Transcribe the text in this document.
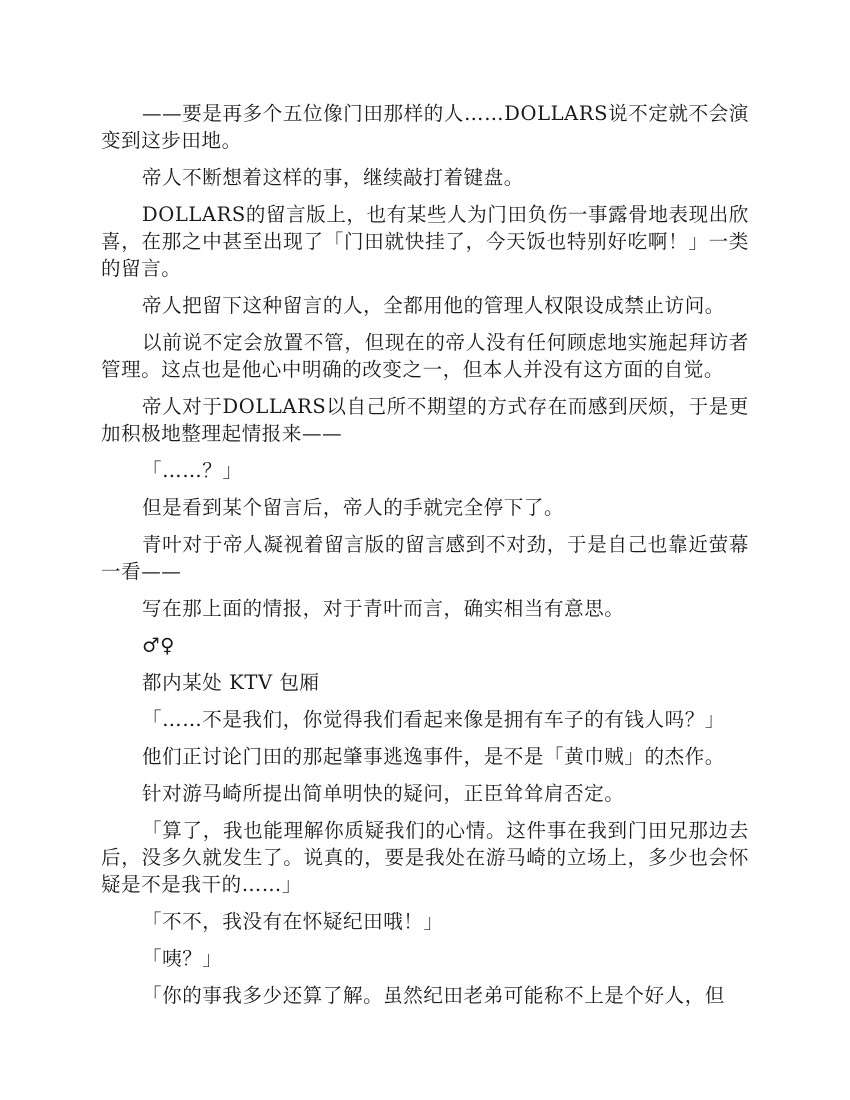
——要是再多个五位像门田那样的人……DOLLARS说不定就不会演变到这步田地。

帝人不断想着这样的事，继续敲打着键盘。

DOLLARS的留言版上，也有某些人为门田负伤一事露骨地表现出欣喜，在那之中甚至出现了「门田就快挂了，今天饭也特别好吃啊！」一类的留言。

帝人把留下这种留言的人，全都用他的管理人权限设成禁止访问。

以前说不定会放置不管，但现在的帝人没有任何顾虑地实施起拜访者管理。这点也是他心中明确的改变之一，但本人并没有这方面的自觉。

帝人对于DOLLARS以自己所不期望的方式存在而感到厌烦，于是更加积极地整理起情报来——

「……？」

但是看到某个留言后，帝人的手就完全停下了。

青叶对于帝人凝视着留言版的留言感到不对劲，于是自己也靠近萤幕一看——

写在那上面的情报，对于青叶而言，确实相当有意思。

♂♀

都内某处 KTV 包厢

「……不是我们，你觉得我们看起来像是拥有车子的有钱人吗？」

他们正讨论门田的那起肇事逃逸事件，是不是「黄巾贼」的杰作。

针对游马崎所提出简单明快的疑问，正臣耸耸肩否定。

「算了，我也能理解你质疑我们的心情。这件事在我到门田兄那边去后，没多久就发生了。说真的，要是我处在游马崎的立场上，多少也会怀疑是不是我干的……」

「不不，我没有在怀疑纪田哦！」

「咦？」

「你的事我多少还算了解。虽然纪田老弟可能称不上是个好人，但
